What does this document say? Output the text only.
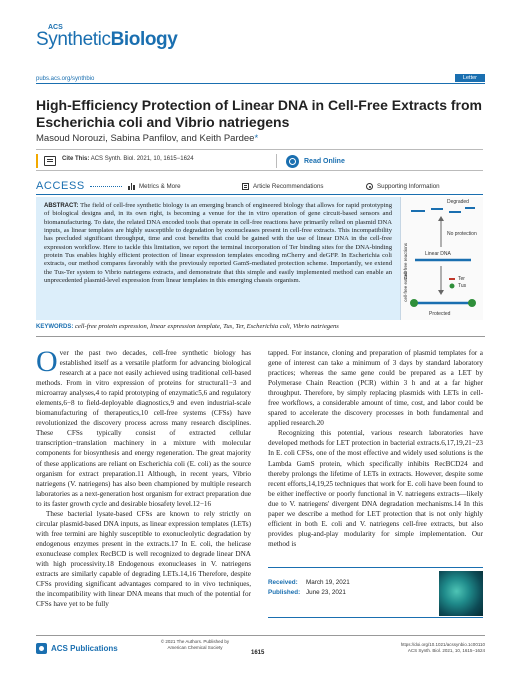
ACS
SyntheticBiology
pubs.acs.org/synthbio	Letter
High-Efficiency Protection of Linear DNA in Cell-Free Extracts from Escherichia coli and Vibrio natriegens
Masoud Norouzi, Sabina Panfilov, and Keith Pardee*
Cite This: ACS Synth. Biol. 2021, 10, 1615−1624	Read Online
ACCESS	Metrics & More	Article Recommendations	Supporting Information

ABSTRACT: The field of cell-free synthetic biology is an emerging branch of engineered biology that allows for rapid prototyping of biological designs and, in its own right, is becoming a venue for the in vitro operation of gene circuit-based sensors and biomanufacturing. To date, the related DNA encoded tools that operate in cell-free reactions have primarily relied on plasmid DNA inputs, as linear templates are highly susceptible to degradation by exonucleases present in cell-free extracts. This incompatibility has precluded significant throughput, time and cost benefits that could be gained with the use of linear DNA in the cell-free expression workflow. Here to tackle this limitation, we report the terminal incorporation of Ter binding sites for the DNA-binding protein Tus enables highly efficient protection of linear expression templates encoding mCherry and deGFP. In Escherichia coli extracts, our method compares favorably with the previously reported GamS-mediated protection scheme. Importantly, we extend the Tus-Ter system to Vibrio natriegens extracts, and demonstrate that this simple and easily implemented method can enable an unprecedented plasmid-level expression from linear templates in this emerging chassis organism.

Degraded
No protection
Cell-free reactions	Linear DNA
cell-free extract	Ter
Tus
Protected
KEYWORDS: cell-free protein expression, linear expression template, Tus, Ter, Escherichia coli, Vibrio natriegens

Over the past two decades, cell-free synthetic biology has established itself as a versatile platform for advancing biological research at a pace not easily achieved using traditional cell-based methods. From in vitro expression of proteins for structural1−3 and microarray analyses,4 to rapid prototyping of enzymatic5,6 and regulatory elements,6−8 to field-deployable diagnostics,9 and even industrial-scale biomanufacturing of therapeutics,10 cell-free systems (CFSs) have revolutionized the discovery process across many research disciplines. These CFSs typically consist of extracted cellular transcription−translation machinery in a mixture with molecular components for biosynthesis and energy regeneration. The great majority of these applications are reliant on Escherichia coli (E. coli) as the source organism for extract preparation.11 Although, in recent years, Vibrio natriegens (V. natriegens) has also been championed by multiple research laboratories as a next-generation host organism for extract preparation due to its faster growth cycle and desirable biosafety level.12−16

These bacterial lysate-based CFSs are known to rely strictly on circular plasmid-based DNA inputs, as linear expression templates (LETs) with free termini are highly susceptible to exonucleolytic degradation by endogenous enzymes present in the extracts.17 In E. coli, the helicase exonuclease complex RecBCD is well recognized to degrade linear DNA with high processivity.18 Endogenous exonucleases in V. natriegens extracts are similarly capable of degrading LETs.14,16 Therefore, despite CFSs providing significant advantages compared to in vivo techniques, the incompatibility with linear DNA means that much of the potential for CFSs have yet to be fully

tapped. For instance, cloning and preparation of plasmid templates for a gene of interest can take a minimum of 3 days by standard laboratory practices; whereas the same gene could be prepared as a LET by Polymerase Chain Reaction (PCR) within 3 h and at a far higher throughput. Therefore, by simply replacing plasmids with LETs in cell-free workflows, a considerable amount of time, cost, and labor could be spared to accelerate the discovery processes in both fundamental and applied research.20

Recognizing this potential, various research laboratories have developed methods for LET protection in bacterial extracts.6,17,19,21−23 In E. coli CFSs, one of the most effective and widely used solutions is the Lambda GamS protein, which specifically inhibits RecBCD24 and thereby prolongs the lifetime of LETs in extracts. However, despite some recent efforts,14,19,25 techniques that work for E. coli have been found to be either ineffective or poorly functional in V. natriegens extracts—likely due to V. natriegens' divergent DNA degradation mechanisms.14 In this paper we describe a method for LET protection that is not only highly efficient in both E. coli and V. natriegens cell-free extracts, but also provides plug-and-play modularity for simple implementation. Our method is

Received: March 19, 2021
Published: June 23, 2021
ACS Publications
© 2021 The Authors. Published by
American Chemical Society
1615
https://doi.org/10.1021/acssynbio.1c00110
ACS Synth. Biol. 2021, 10, 1615−1624
